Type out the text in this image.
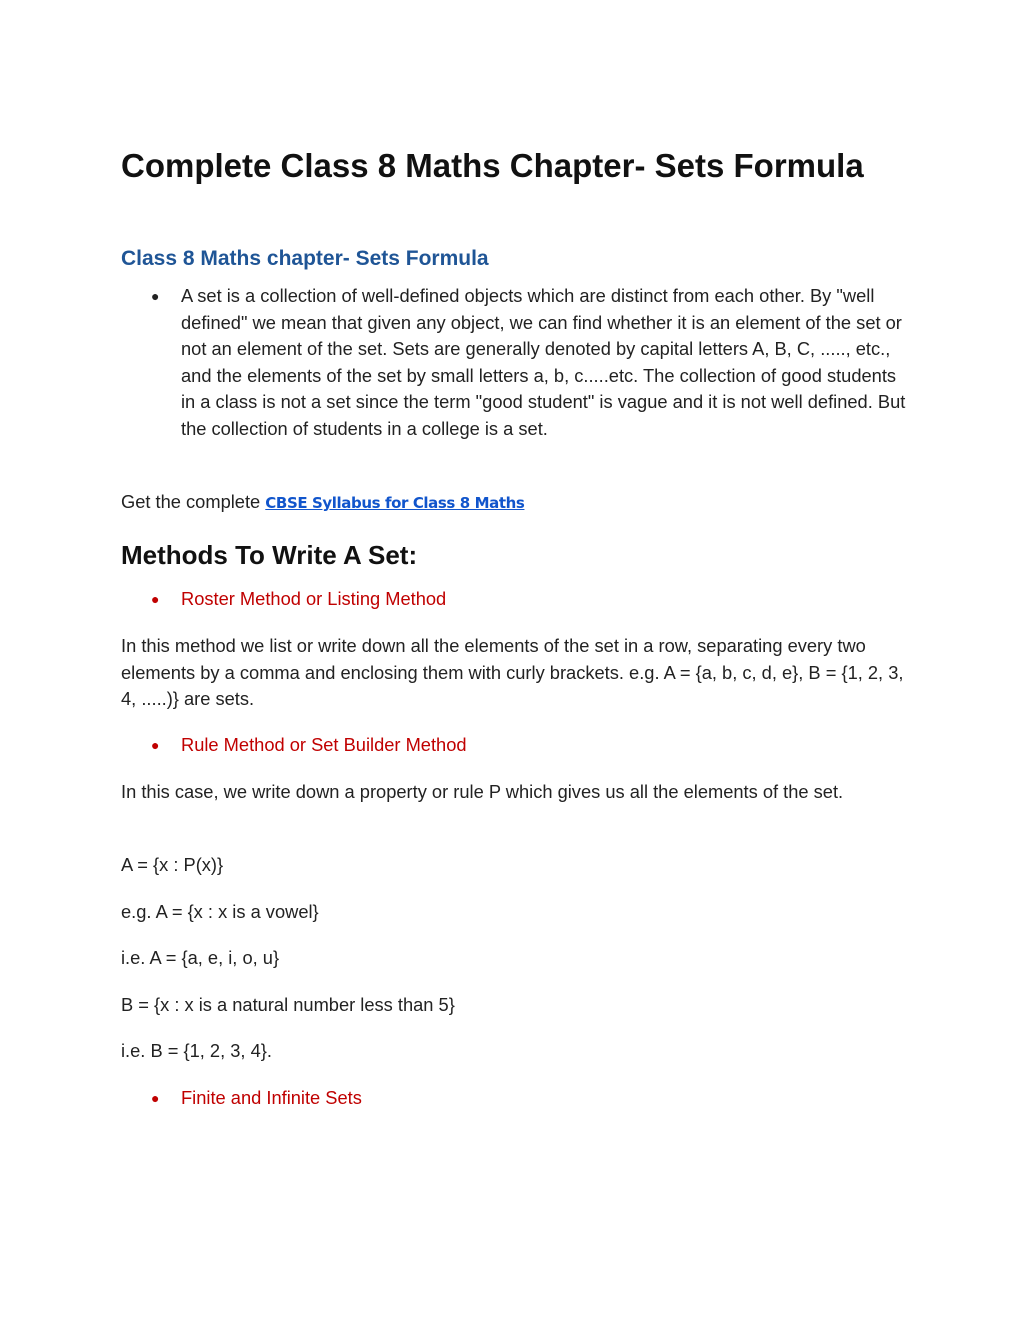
Complete Class 8 Maths Chapter- Sets Formula
Class 8 Maths chapter- Sets Formula
● A set is a collection of well-defined objects which are distinct from each other. By "well defined" we mean that given any object, we can find whether it is an element of the set or not an element of the set. Sets are generally denoted by capital letters A, B, C, ....., etc., and the elements of the set by small letters a, b, c.....etc. The collection of good students in a class is not a set since the term "good student" is vague and it is not well defined. But the collection of students in a college is a set.

Get the complete CBSE Syllabus for Class 8 Maths

Methods To Write A Set:
● Roster Method or Listing Method

In this method we list or write down all the elements of the set in a row, separating every two elements by a comma and enclosing them with curly brackets. e.g. A = {a, b, c, d, e}, B = {1, 2, 3, 4, .....)} are sets.

● Rule Method or Set Builder Method

In this case, we write down a property or rule P which gives us all the elements of the set.

A = {x : P(x)}

e.g. A = {x : x is a vowel}

i.e. A = {a, e, i, o, u}

B = {x : x is a natural number less than 5}

i.e. B = {1, 2, 3, 4}.

● Finite and Infinite Sets
